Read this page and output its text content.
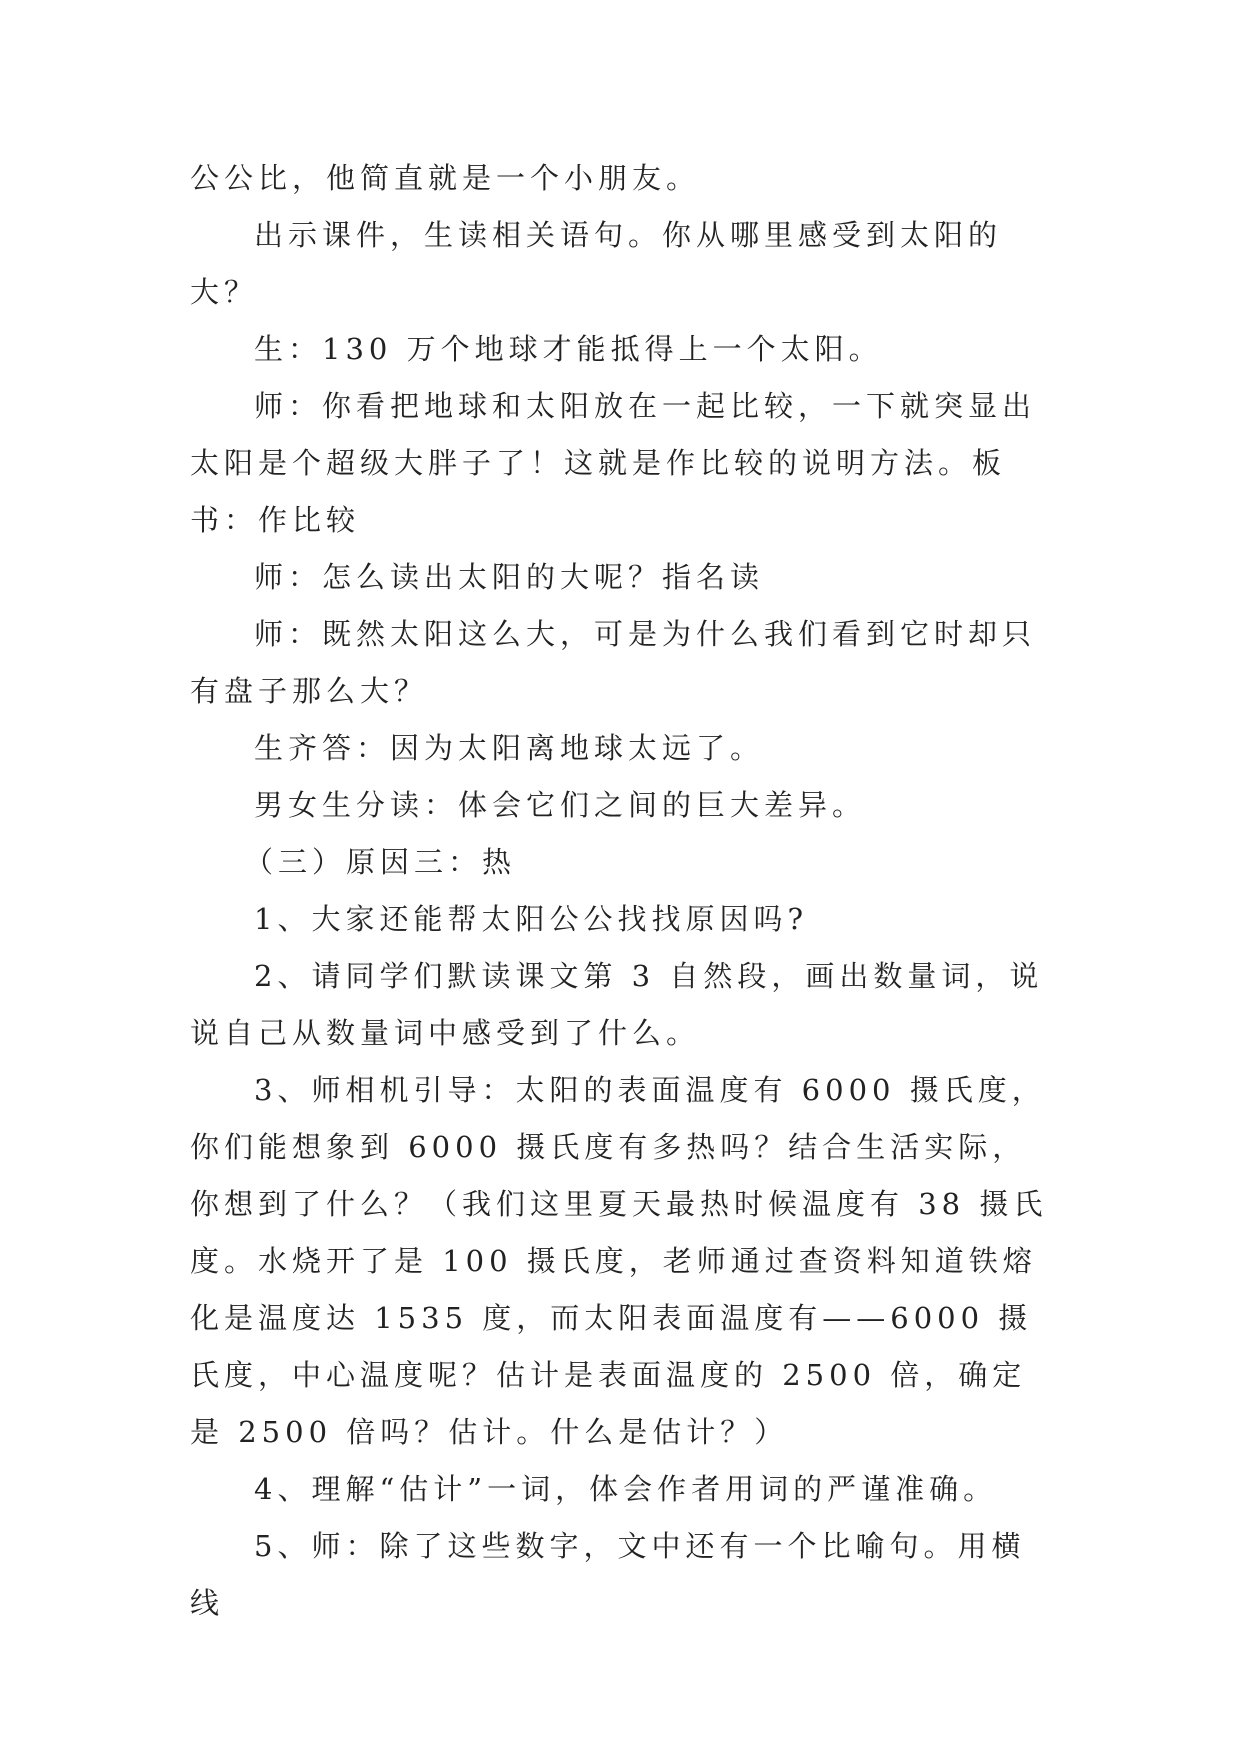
公公比，他简直就是一个小朋友。

出示课件，生读相关语句。你从哪里感受到太阳的大？

生：130 万个地球才能抵得上一个太阳。

师：你看把地球和太阳放在一起比较，一下就突显出太阳是个超级大胖子了！这就是作比较的说明方法。板书：作比较

师：怎么读出太阳的大呢？指名读

师：既然太阳这么大，可是为什么我们看到它时却只有盘子那么大？

生齐答：因为太阳离地球太远了。

男女生分读：体会它们之间的巨大差异。

（三）原因三：热

1、大家还能帮太阳公公找找原因吗?

2、请同学们默读课文第 3 自然段，画出数量词，说说自己从数量词中感受到了什么。

3、师相机引导：太阳的表面温度有 6000 摄氏度，你们能想象到 6000 摄氏度有多热吗？结合生活实际，你想到了什么？（我们这里夏天最热时候温度有 38 摄氏度。水烧开了是 100 摄氏度，老师通过查资料知道铁熔化是温度达 1535 度，而太阳表面温度有——6000 摄氏度，中心温度呢？估计是表面温度的 2500 倍，确定是 2500 倍吗？估计。什么是估计？）

4、理解“估计”一词，体会作者用词的严谨准确。

5、师：除了这些数字，文中还有一个比喻句。用横线
